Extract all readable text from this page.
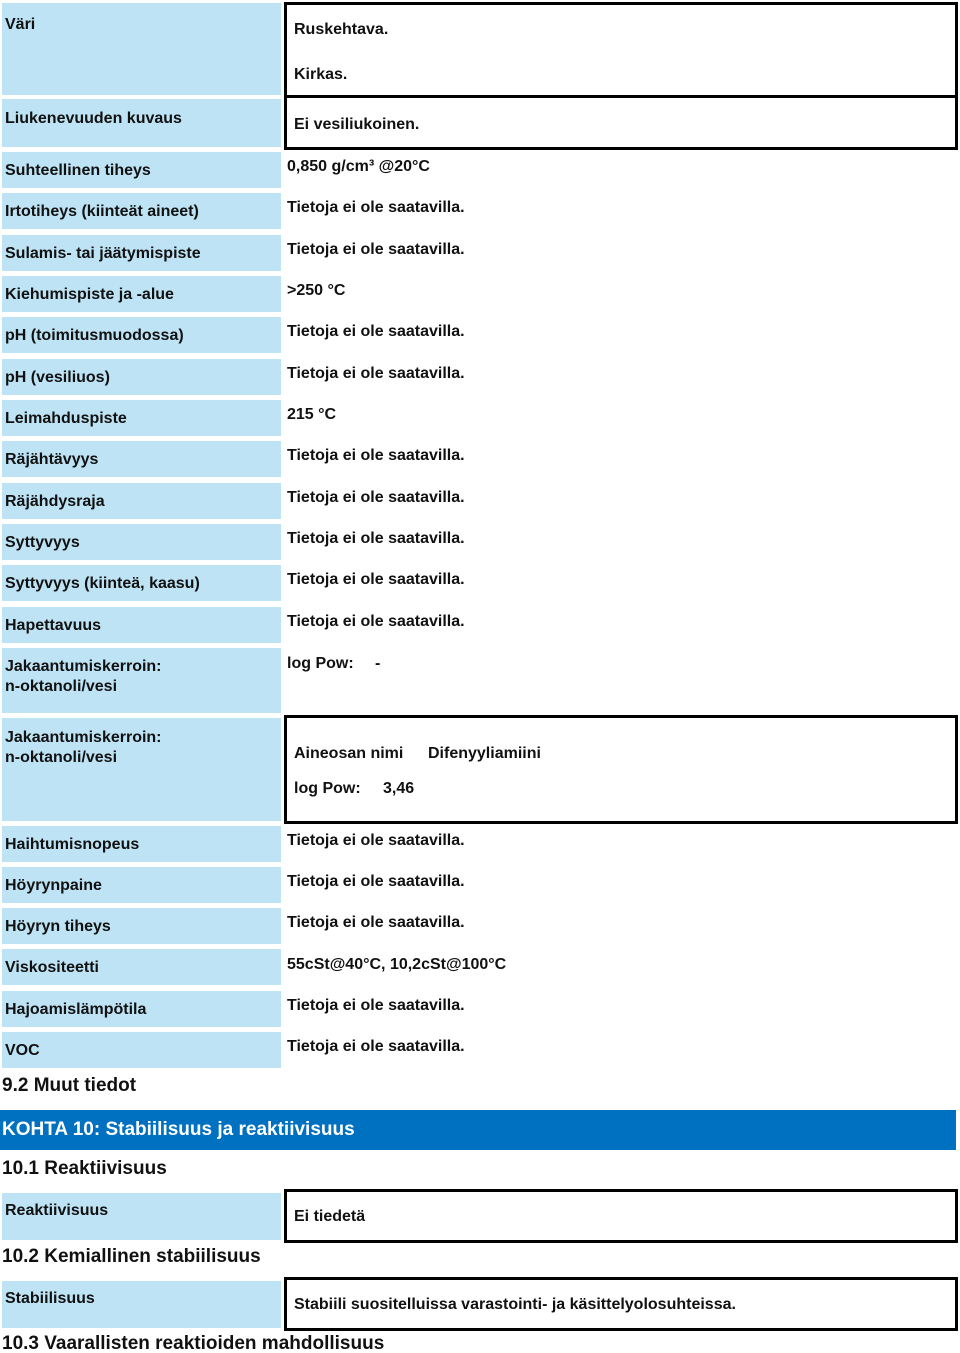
Väri	Ruskehtava.
Kirkas.
Liukenevuuden kuvaus	Ei vesiliukoinen.
Suhteellinen tiheys	0,850 g/cm³ @20°C
Irtotiheys (kiinteät aineet)	Tietoja ei ole saatavilla.
Sulamis- tai jäätymispiste	Tietoja ei ole saatavilla.
Kiehumispiste ja -alue	>250 °C
pH (toimitusmuodossa)	Tietoja ei ole saatavilla.
pH (vesiliuos)	Tietoja ei ole saatavilla.
Leimahduspiste	215 °C
Räjähtävyys	Tietoja ei ole saatavilla.
Räjähdysraja	Tietoja ei ole saatavilla.
Syttyvyys	Tietoja ei ole saatavilla.
Syttyvyys (kiinteä, kaasu)	Tietoja ei ole saatavilla.
Hapettavuus	Tietoja ei ole saatavilla.
Jakaantumiskerroin:
n-oktanoli/vesi
log Pow: -
Jakaantumiskerroin:
n-oktanoli/vesi	Aineosan nimi Difenyyliamiini
log Pow: 3,46
Haihtumisnopeus	Tietoja ei ole saatavilla.
Höyrynpaine	Tietoja ei ole saatavilla.
Höyryn tiheys	Tietoja ei ole saatavilla.
Viskositeetti	55cSt@40°C, 10,2cSt@100°C
Hajoamislämpötila	Tietoja ei ole saatavilla.
VOC	Tietoja ei ole saatavilla.
9.2 Muut tiedot
KOHTA 10: Stabiilisuus ja reaktiivisuus
10.1 Reaktiivisuus
Reaktiivisuus	Ei tiedetä
10.2 Kemiallinen stabiilisuus
Stabiilisuus	Stabiili suositelluissa varastointi- ja käsittelyolosuhteissa.
10.3 Vaarallisten reaktioiden mahdollisuus
